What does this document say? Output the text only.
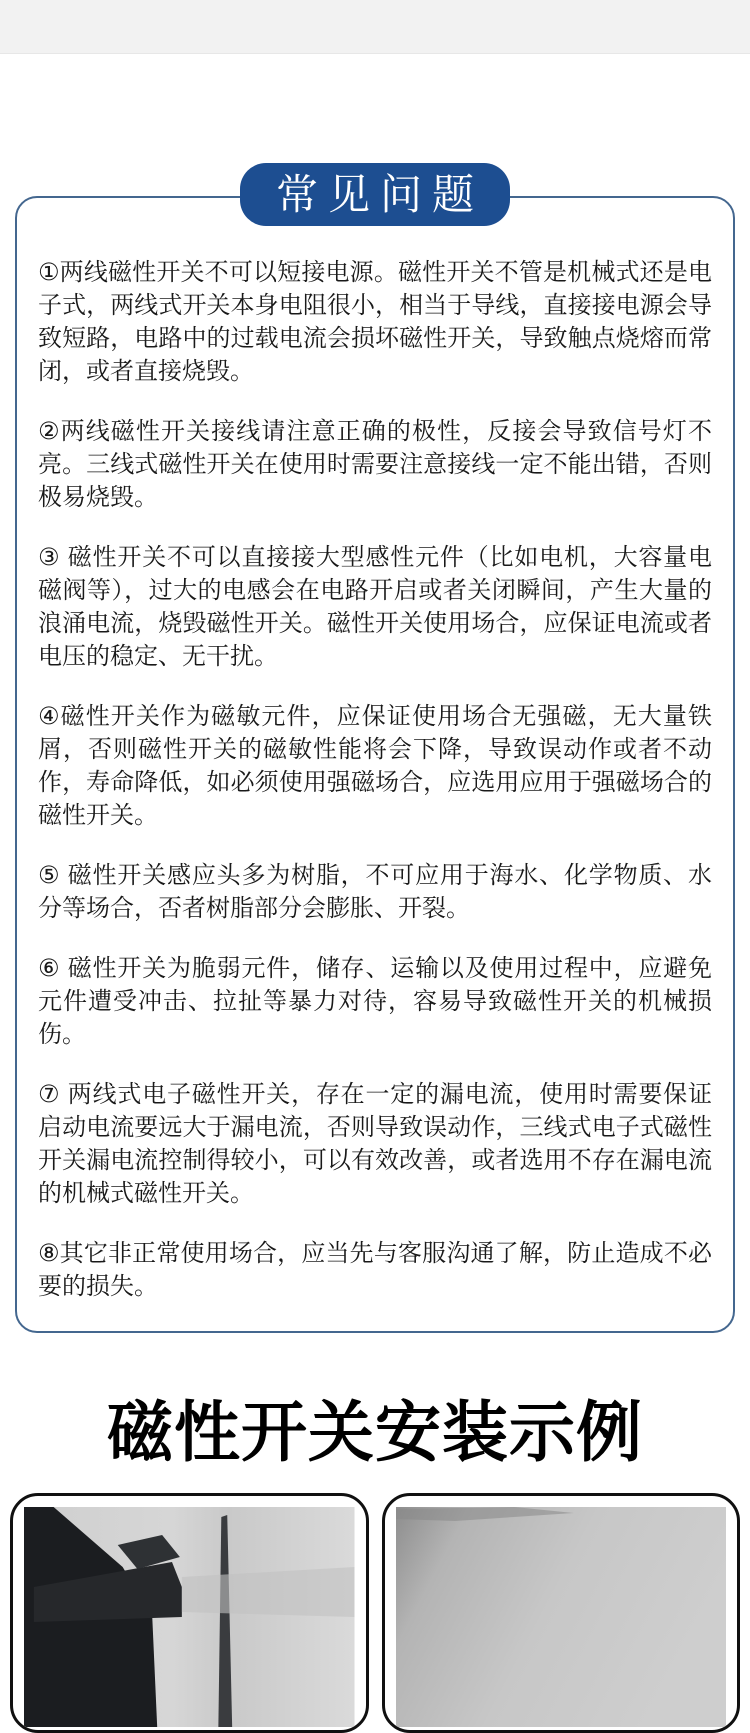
常见问题

①两线磁性开关不可以短接电源。磁性开关不管是机械式还是电子式，两线式开关本身电阻很小，相当于导线，直接接电源会导致短路，电路中的过载电流会损坏磁性开关，导致触点烧熔而常闭，或者直接烧毁。

②两线磁性开关接线请注意正确的极性，反接会导致信号灯不亮。三线式磁性开关在使用时需要注意接线一定不能出错，否则极易烧毁。

③ 磁性开关不可以直接接大型感性元件（比如电机，大容量电磁阀等），过大的电感会在电路开启或者关闭瞬间，产生大量的浪涌电流，烧毁磁性开关。磁性开关使用场合，应保证电流或者电压的稳定、无干扰。

④磁性开关作为磁敏元件，应保证使用场合无强磁，无大量铁屑，否则磁性开关的磁敏性能将会下降，导致误动作或者不动作，寿命降低，如必须使用强磁场合，应选用应用于强磁场合的磁性开关。

⑤ 磁性开关感应头多为树脂，不可应用于海水、化学物质、水分等场合，否者树脂部分会膨胀、开裂。

⑥ 磁性开关为脆弱元件，储存、运输以及使用过程中，应避免元件遭受冲击、拉扯等暴力对待，容易导致磁性开关的机械损伤。

⑦ 两线式电子磁性开关，存在一定的漏电流，使用时需要保证启动电流要远大于漏电流，否则导致误动作，三线式电子式磁性开关漏电流控制得较小，可以有效改善，或者选用不存在漏电流的机械式磁性开关。

⑧其它非正常使用场合，应当先与客服沟通了解，防止造成不必要的损失。

磁性开关安装示例
